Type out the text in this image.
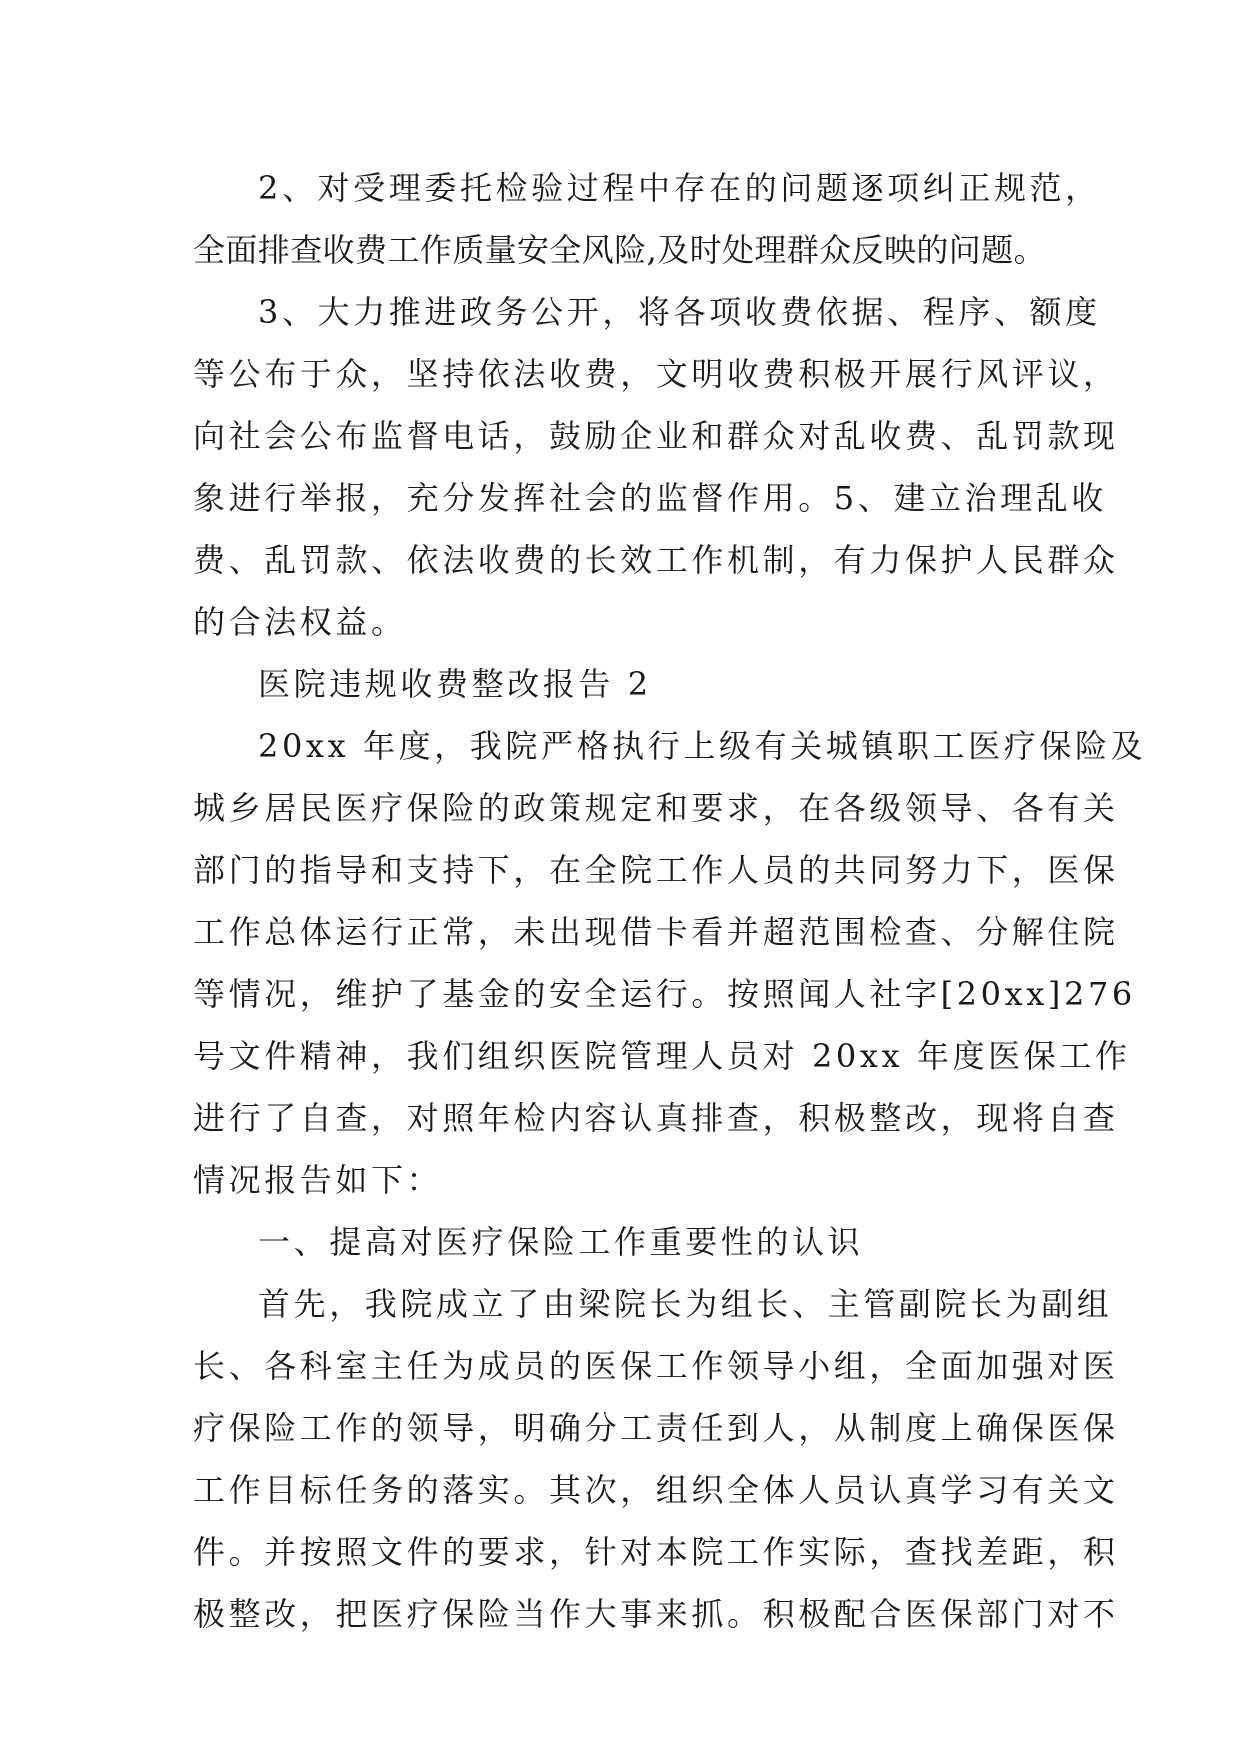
2、对受理委托检验过程中存在的问题逐项纠正规范，

全面排查收费工作质量安全风险,及时处理群众反映的问题。

3、大力推进政务公开，将各项收费依据、程序、额度

等公布于众，坚持依法收费，文明收费积极开展行风评议，

向社会公布监督电话，鼓励企业和群众对乱收费、乱罚款现

象进行举报，充分发挥社会的监督作用。5、建立治理乱收

费、乱罚款、依法收费的长效工作机制，有力保护人民群众

的合法权益。

医院违规收费整改报告 2

20xx 年度，我院严格执行上级有关城镇职工医疗保险及

城乡居民医疗保险的政策规定和要求，在各级领导、各有关

部门的指导和支持下，在全院工作人员的共同努力下，医保

工作总体运行正常，未出现借卡看并超范围检查、分解住院

等情况，维护了基金的安全运行。按照闻人社字[20xx]276

号文件精神，我们组织医院管理人员对 20xx 年度医保工作

进行了自查，对照年检内容认真排查，积极整改，现将自查

情况报告如下：

一、提高对医疗保险工作重要性的认识

首先，我院成立了由梁院长为组长、主管副院长为副组

长、各科室主任为成员的医保工作领导小组，全面加强对医

疗保险工作的领导，明确分工责任到人，从制度上确保医保

工作目标任务的落实。其次，组织全体人员认真学习有关文

件。并按照文件的要求，针对本院工作实际，查找差距，积

极整改，把医疗保险当作大事来抓。积极配合医保部门对不
